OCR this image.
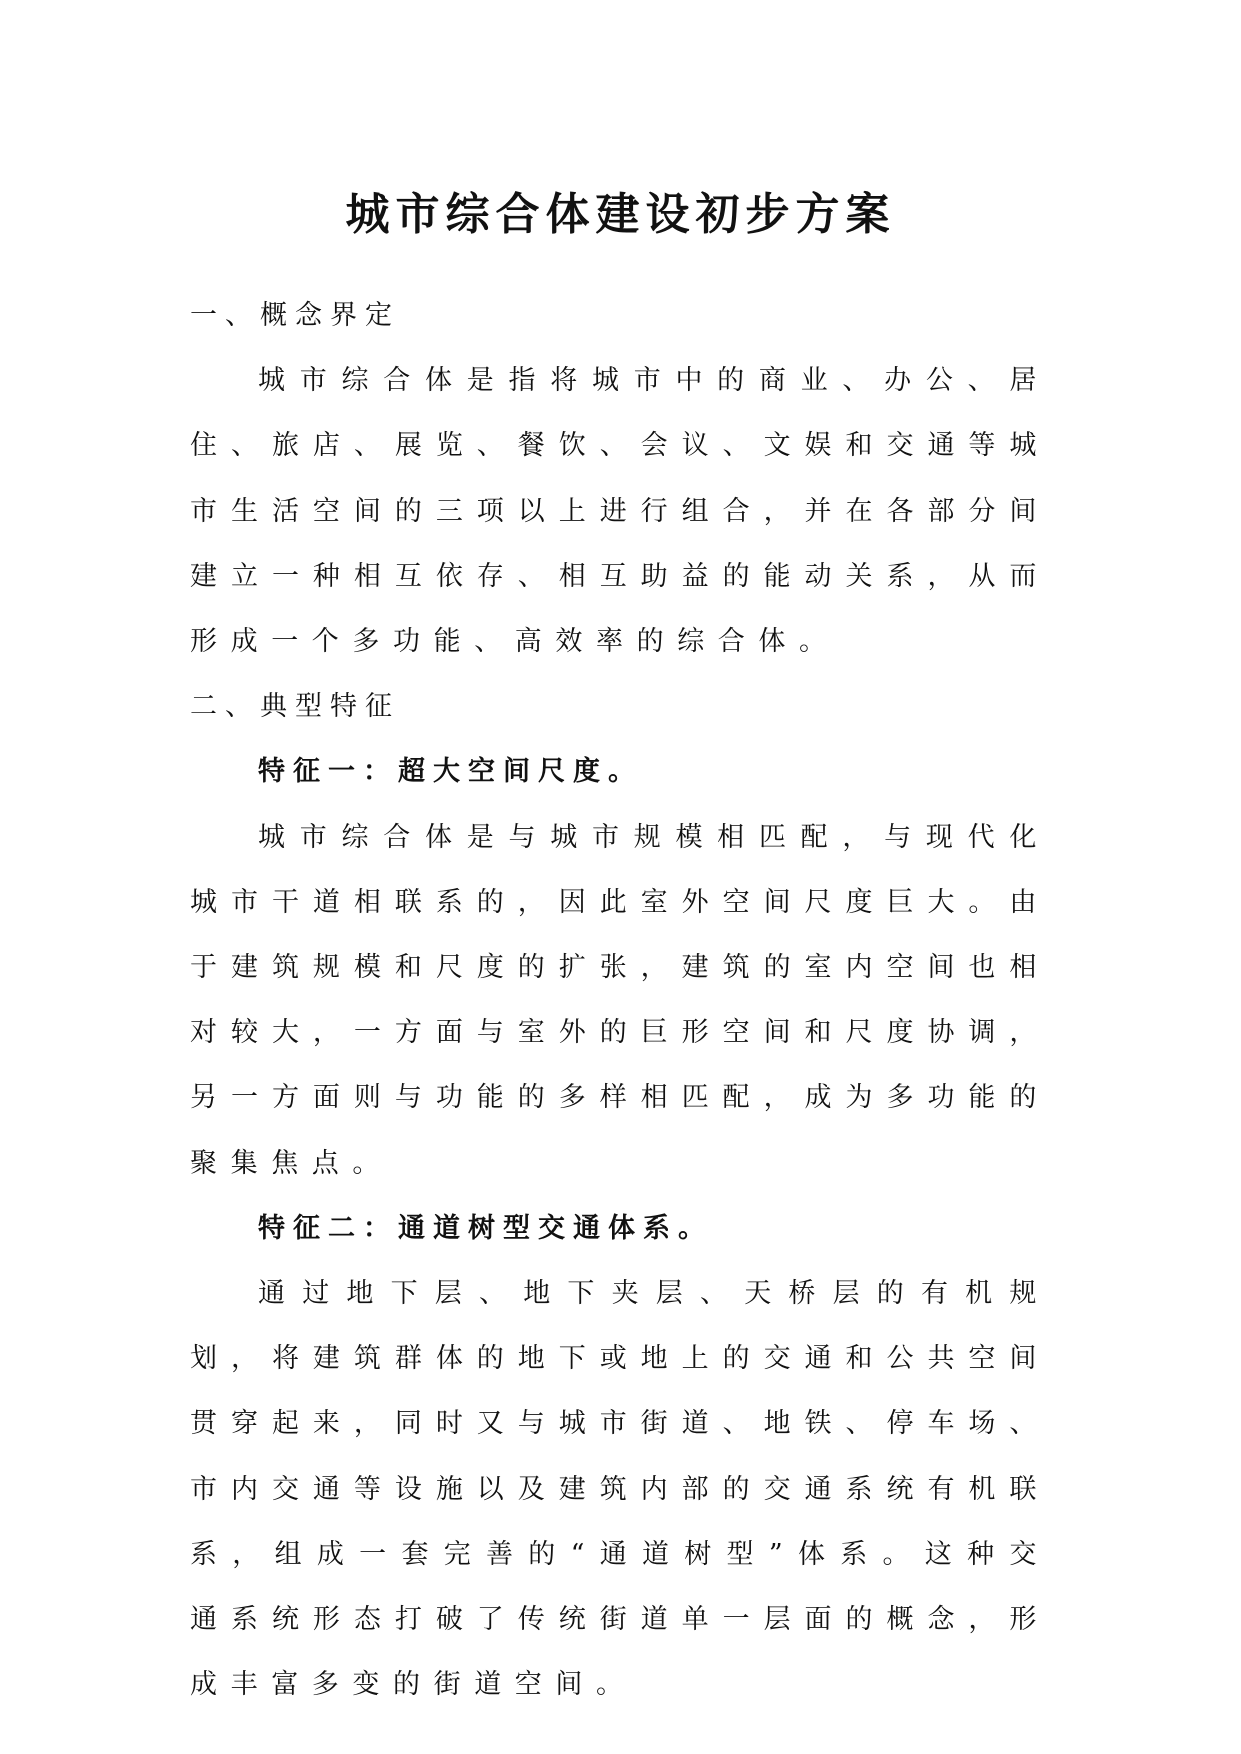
城市综合体建设初步方案
一、概念界定

城市综合体是指将城市中的商业、办公、居住、旅店、展览、餐饮、会议、文娱和交通等城市生活空间的三项以上进行组合，并在各部分间建立一种相互依存、相互助益的能动关系，从而形成一个多功能、高效率的综合体。

二、典型特征
特征一：超大空间尺度。

城市综合体是与城市规模相匹配，与现代化城市干道相联系的，因此室外空间尺度巨大。由于建筑规模和尺度的扩张，建筑的室内空间也相对较大，一方面与室外的巨形空间和尺度协调，另一方面则与功能的多样相匹配，成为多功能的聚集焦点。

特征二：通道树型交通体系。

通过地下层、地下夹层、天桥层的有机规划，将建筑群体的地下或地上的交通和公共空间贯穿起来，同时又与城市街道、地铁、停车场、市内交通等设施以及建筑内部的交通系统有机联系，组成一套完善的“通道树型”体系。这种交通系统形态打破了传统街道单一层面的概念，形成丰富多变的街道空间。
